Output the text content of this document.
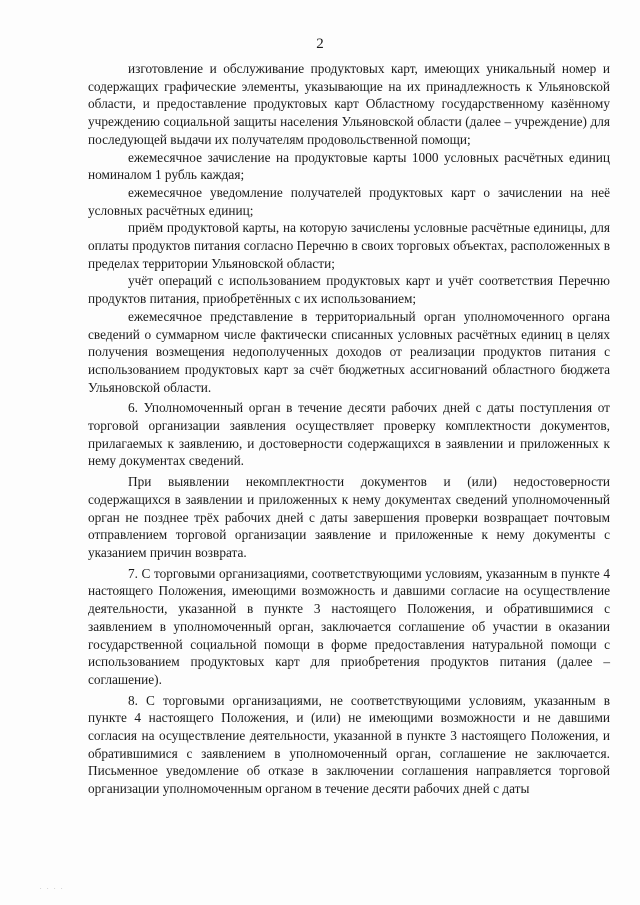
2

изготовление и обслуживание продуктовых карт, имеющих уникальный номер и содержащих графические элементы, указывающие на их принадлежность к Ульяновской области, и предоставление продуктовых карт Областному государственному казённому учреждению социальной защиты населения Ульяновской области (далее – учреждение) для последующей выдачи их получателям продовольственной помощи;

ежемесячное зачисление на продуктовые карты 1000 условных расчётных единиц номиналом 1 рубль каждая;

ежемесячное уведомление получателей продуктовых карт о зачислении на неё условных расчётных единиц;

приём продуктовой карты, на которую зачислены условные расчётные единицы, для оплаты продуктов питания согласно Перечню в своих торговых объектах, расположенных в пределах территории Ульяновской области;

учёт операций с использованием продуктовых карт и учёт соответствия Перечню продуктов питания, приобретённых с их использованием;

ежемесячное представление в территориальный орган уполномоченного органа сведений о суммарном числе фактически списанных условных расчётных единиц в целях получения возмещения недополученных доходов от реализации продуктов питания с использованием продуктовых карт за счёт бюджетных ассигнований областного бюджета Ульяновской области.

6. Уполномоченный орган в течение десяти рабочих дней с даты поступления от торговой организации заявления осуществляет проверку комплектности документов, прилагаемых к заявлению, и достоверности содержащихся в заявлении и приложенных к нему документах сведений.

При выявлении некомплектности документов и (или) недостоверности содержащихся в заявлении и приложенных к нему документах сведений уполномоченный орган не позднее трёх рабочих дней с даты завершения проверки возвращает почтовым отправлением торговой организации заявление и приложенные к нему документы с указанием причин возврата.

7. С торговыми организациями, соответствующими условиям, указанным в пункте 4 настоящего Положения, имеющими возможность и давшими согласие на осуществление деятельности, указанной в пункте 3 настоящего Положения, и обратившимися с заявлением в уполномоченный орган, заключается соглашение об участии в оказании государственной социальной помощи в форме предоставления натуральной помощи с использованием продуктовых карт для приобретения продуктов питания (далее – соглашение).

8. С торговыми организациями, не соответствующими условиям, указанным в пункте 4 настоящего Положения, и (или) не имеющими возможности и не давшими согласия на осуществление деятельности, указанной в пункте 3 настоящего Положения, и обратившимися с заявлением в уполномоченный орган, соглашение не заключается. Письменное уведомление об отказе в заключении соглашения направляется торговой организации уполномоченным органом в течение десяти рабочих дней с даты

. . . .
